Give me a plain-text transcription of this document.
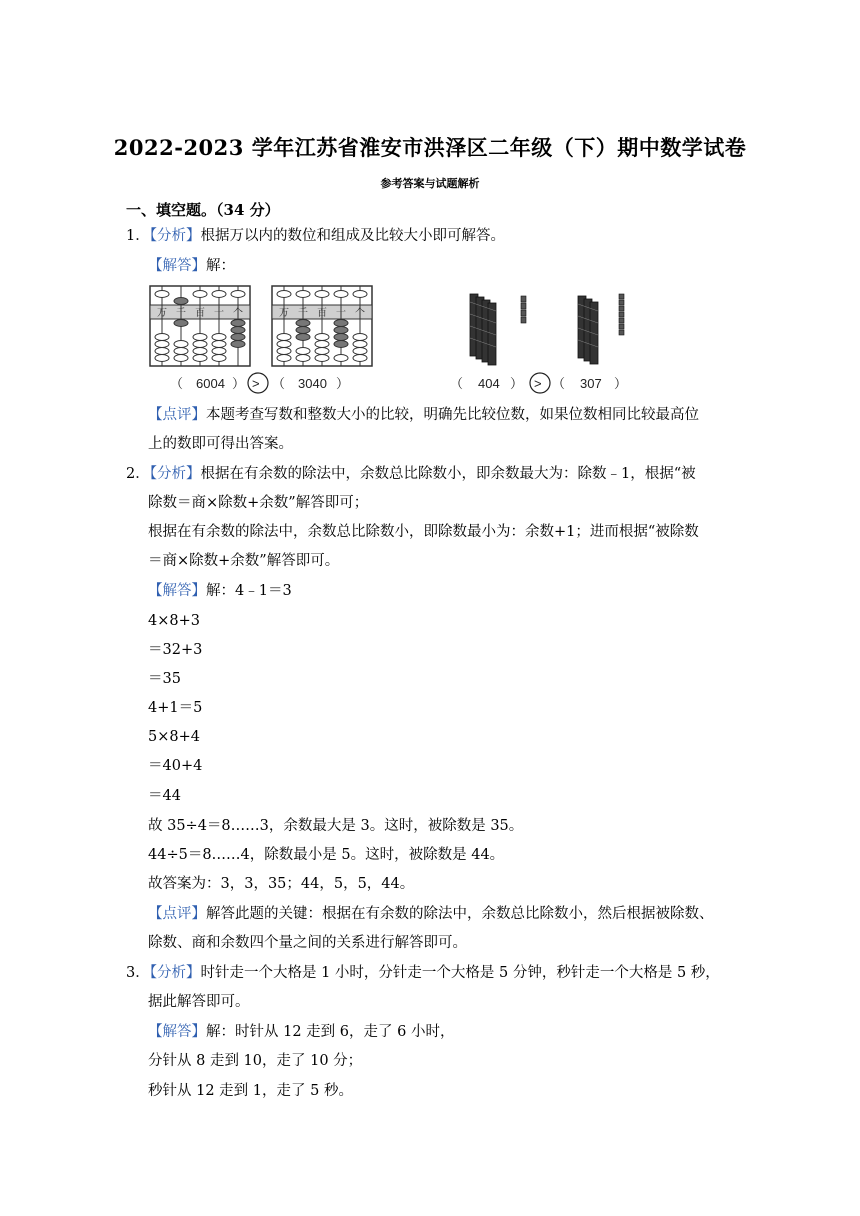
2022-2023 学年江苏省淮安市洪泽区二年级（下）期中数学试卷
参考答案与试题解析
一、填空题。（34 分）
1．【分析】根据万以内的数位和组成及比较大小即可解答。
【解答】解：
万 千 百 十 个	万 千 百 十 个
（ 6004 ） > （ 3040 ）	（ 404 ） > （ 307 ）
【点评】本题考查写数和整数大小的比较，明确先比较位数，如果位数相同比较最高位
上的数即可得出答案。
2．【分析】根据在有余数的除法中，余数总比除数小，即余数最大为：除数﹣1，根据“被
除数＝商×除数+余数”解答即可；
根据在有余数的除法中，余数总比除数小，即除数最小为：余数+1；进而根据“被除数
＝商×除数+余数”解答即可。
【解答】解：4﹣1＝3
4×8+3
＝32+3
＝35
4+1＝5
5×8+4
＝40+4
＝44
故 35÷4＝8……3，余数最大是 3。这时，被除数是 35。
44÷5＝8……4，除数最小是 5。这时，被除数是 44。
故答案为：3，3，35；44，5，5，44。
【点评】解答此题的关键：根据在有余数的除法中，余数总比除数小，然后根据被除数、
除数、商和余数四个量之间的关系进行解答即可。
3．【分析】时针走一个大格是 1 小时，分针走一个大格是 5 分钟，秒针走一个大格是 5 秒，
据此解答即可。
【解答】解：时针从 12 走到 6，走了 6 小时，
分针从 8 走到 10，走了 10 分；
秒针从 12 走到 1，走了 5 秒。
